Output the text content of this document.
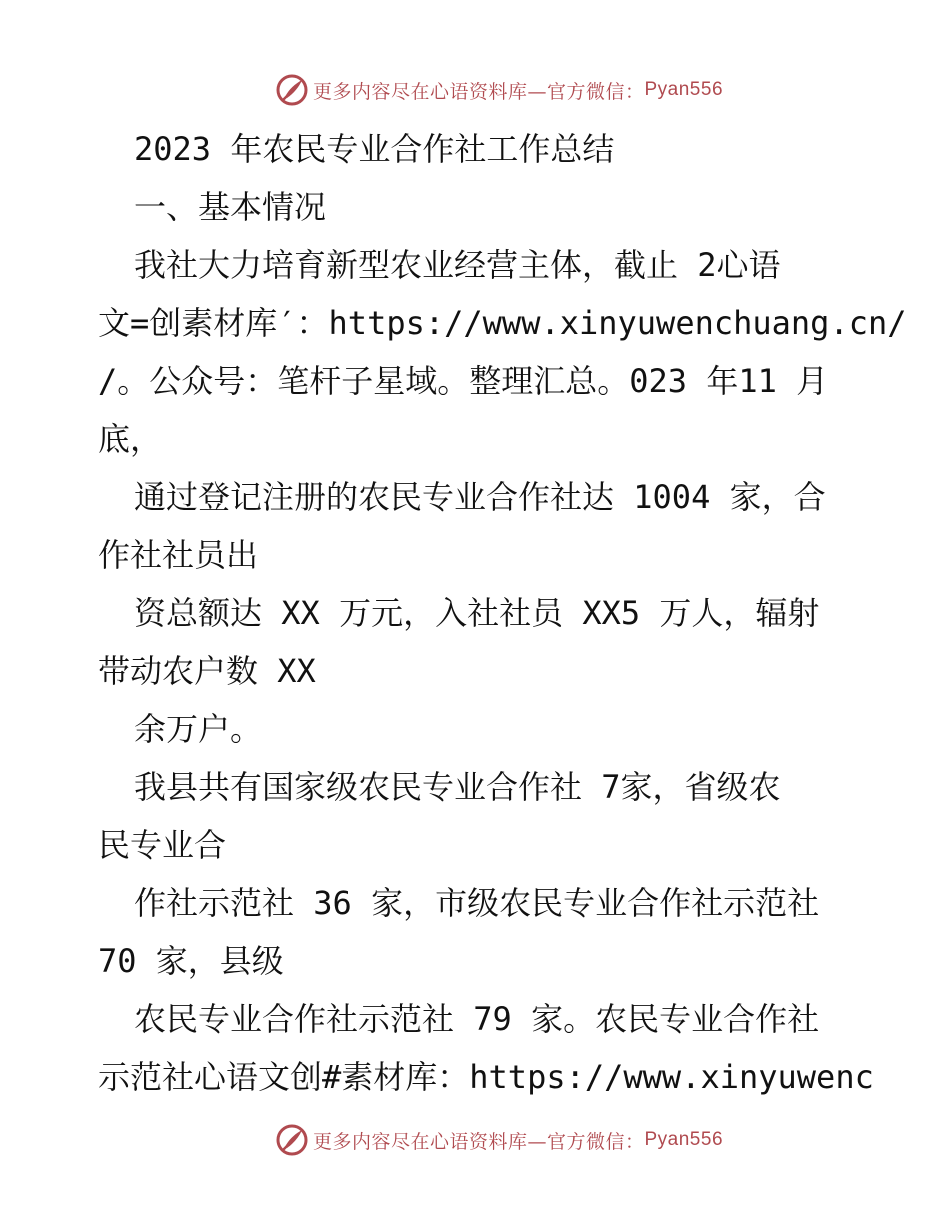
更多内容尽在心语资料库—官方微信： Pyan556
2023 年农民专业合作社工作总结
一、基本情况
我社大力培育新型农业经营主体，截止 2心语
文=创素材库′：https://www.xinyuwenchuang.cn/
/。公众号：笔杆子星域。整理汇总。023 年11 月
底，
通过登记注册的农民专业合作社达 1004 家，合
作社社员出
资总额达 XX 万元，入社社员 XX5 万人，辐射
带动农户数 XX
余万户。
我县共有国家级农民专业合作社 7家，省级农
民专业合
作社示范社 36 家，市级农民专业合作社示范社
70 家，县级
农民专业合作社示范社 79 家。农民专业合作社
示范社心语文创#素材库：https://www.xinyuwenc
更多内容尽在心语资料库—官方微信： Pyan556
